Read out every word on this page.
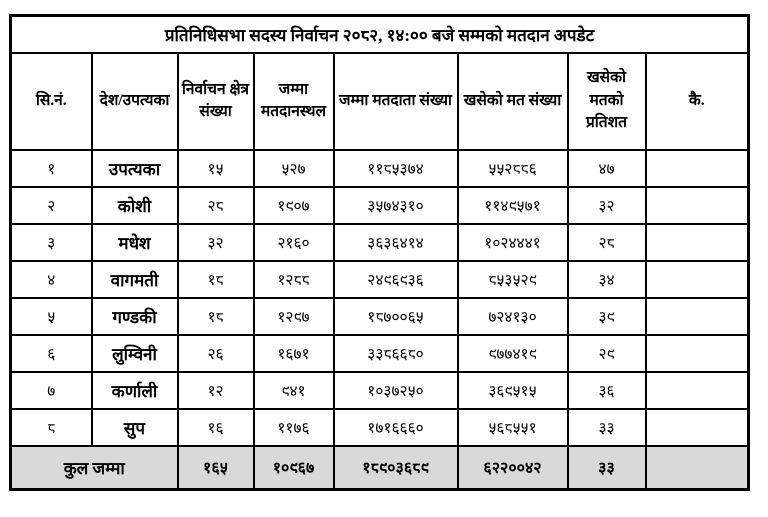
प्रतिनिधिसभा सदस्य निर्वाचन २०८२, १४:०० बजे सम्मको मतदान अपडेट							
सि.नं.	देश/उपत्यका	निर्वाचन क्षेत्र संख्या	जम्मा मतदानस्थल	जम्मा मतदाता संख्या	खसेको मत संख्या	खसेको मतको प्रतिशत	कै.
१	उपत्यका	१५	५२७	११८५३७४	५५२८८६	४७	
२	कोशी	२८	१९०७	३५७४३१०	११४९५७१	३२	
३	मधेश	३२	२१६०	३६३६४१४	१०२४४४१	२८	
४	वागमती	१८	१२८८	२४९६९३६	८५३५२९	३४	
५	गण्डकी	१८	१२९७	१८७००६५	७२४१३०	३९	
६	लुम्विनी	२६	१६७१	३३८६६८०	९७७४१९	२९	
७	कर्णाली	१२	९४१	१०३७२५०	३६९५१५	३६	
८	सुप	१६	११७६	१७१६६६०	५६८५५१	३३	
कुल जम्मा		१६५	१०९६७	१८९०३६८९	६२२००४२	३३	
